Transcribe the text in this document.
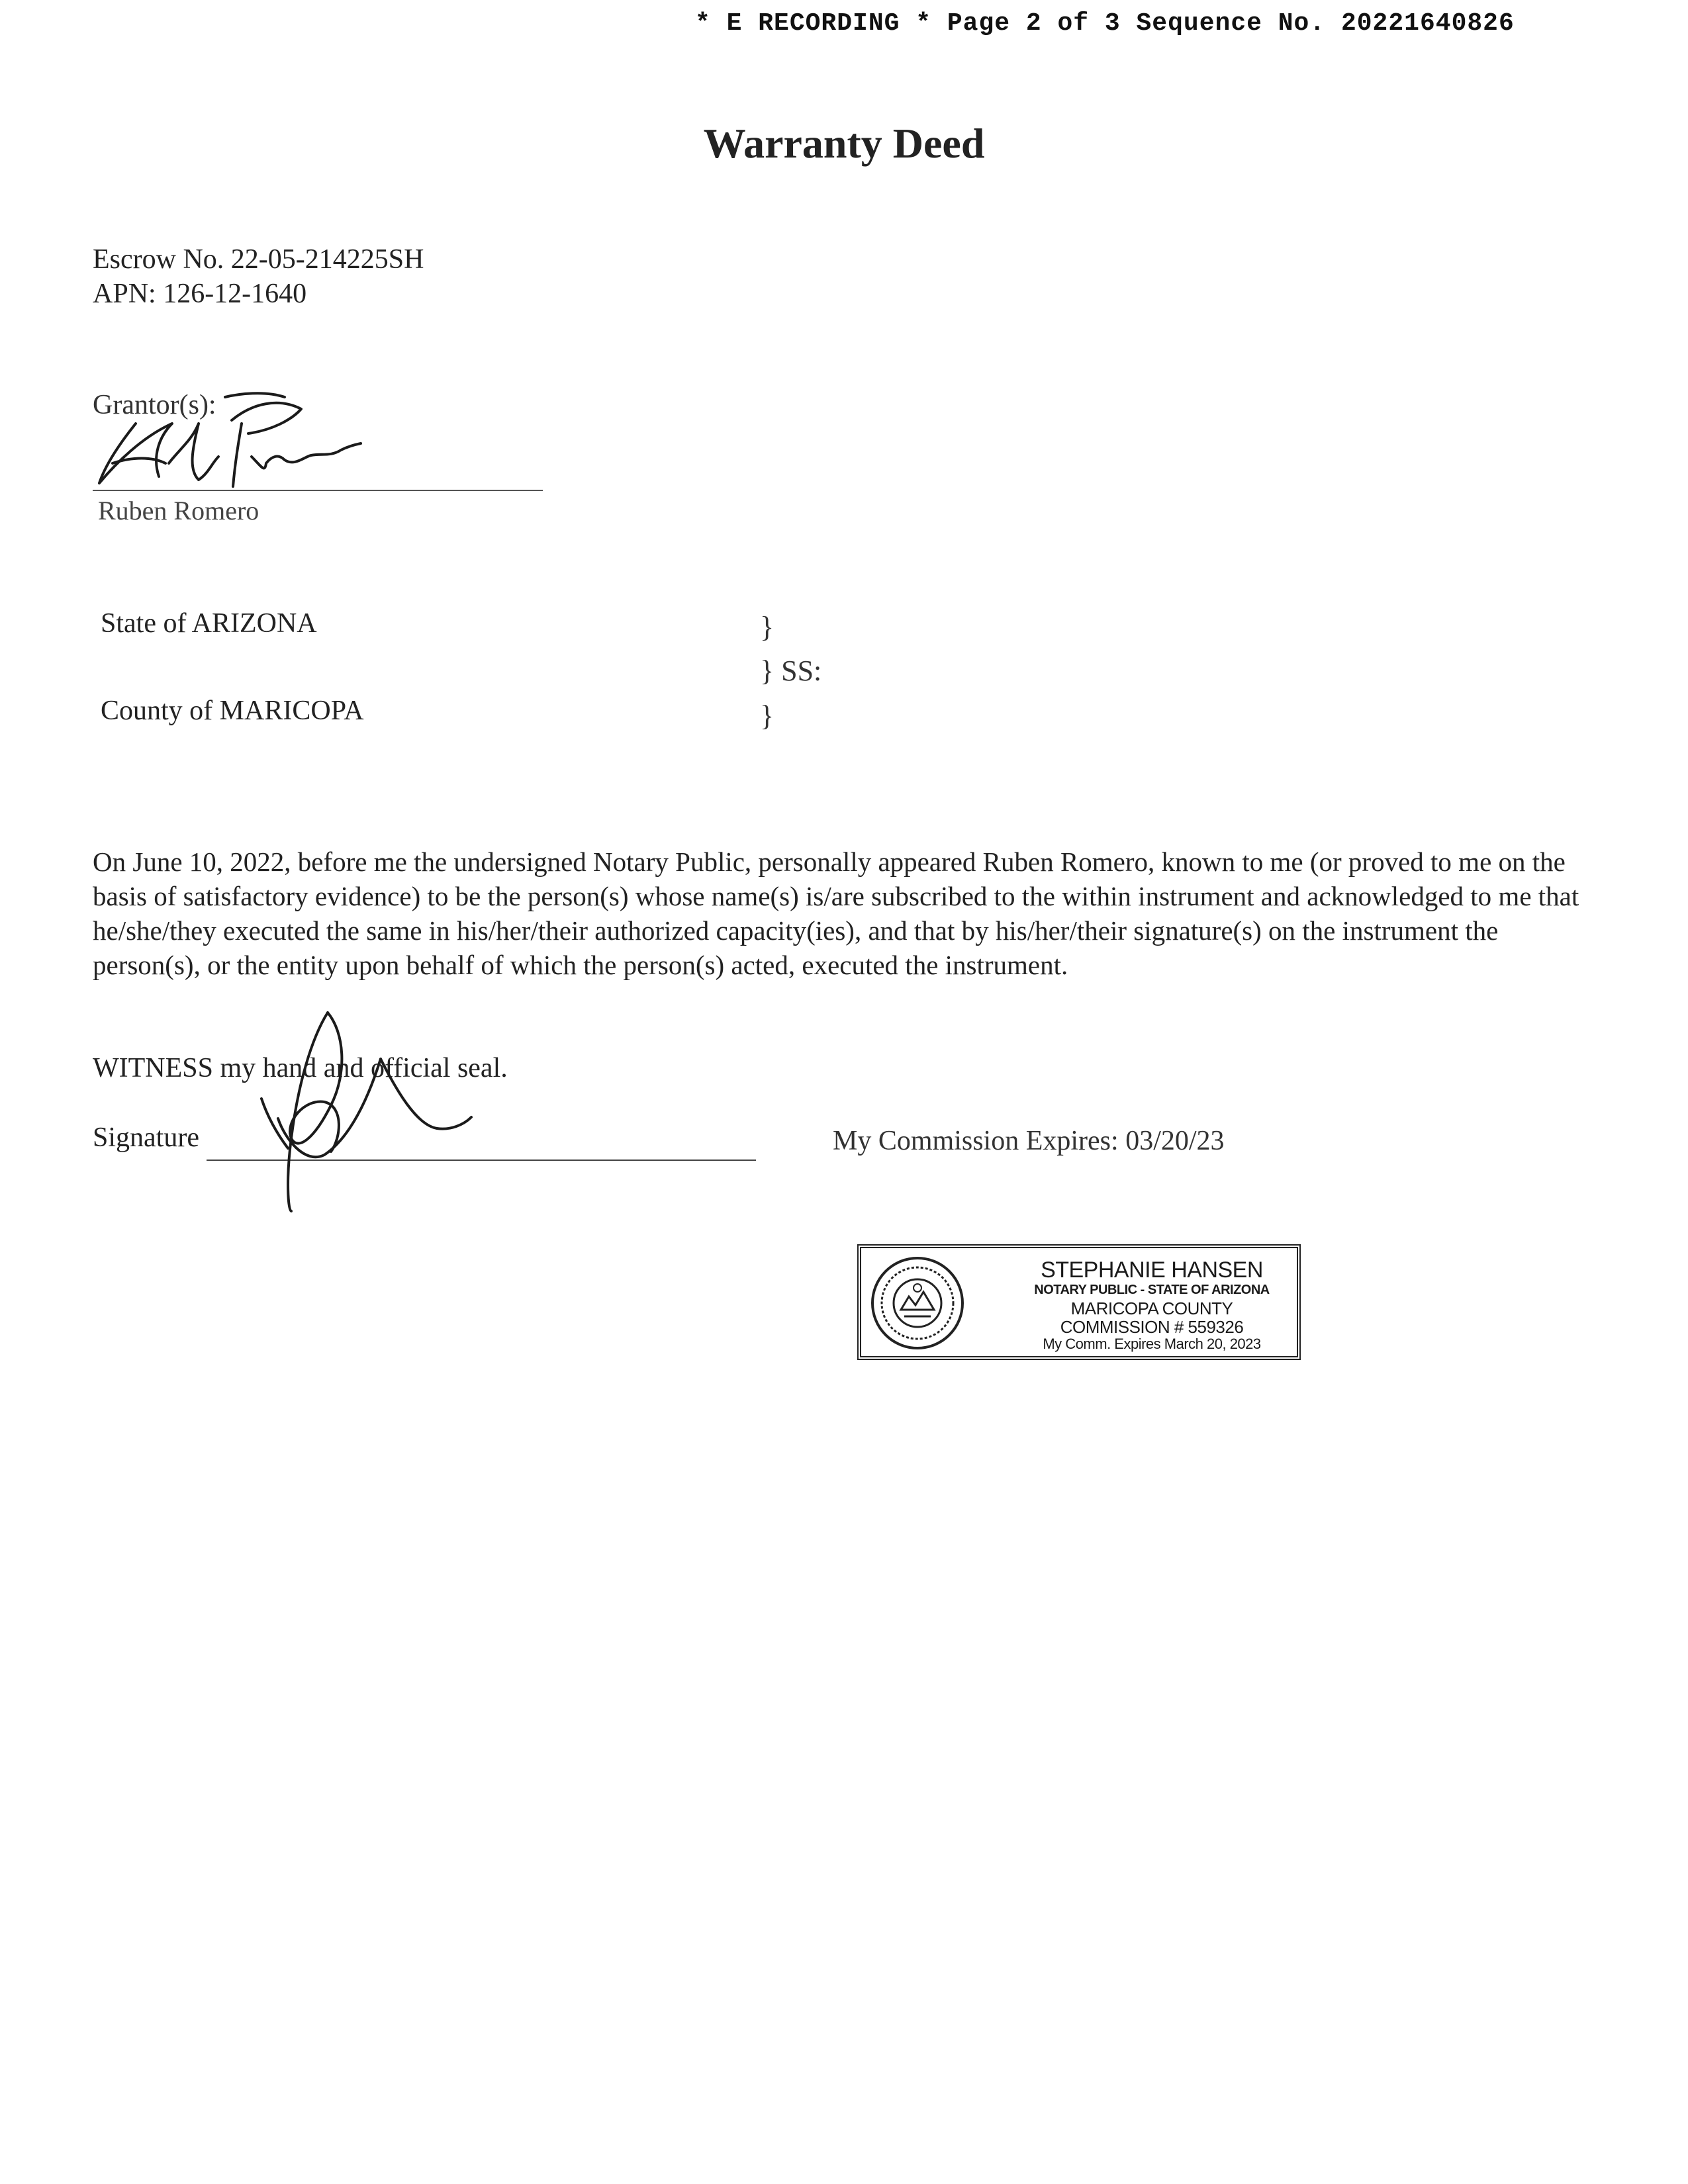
* E RECORDING * Page 2 of 3 Sequence No. 20221640826
Warranty Deed
Escrow No. 22-05-214225SH
APN: 126-12-1640
Grantor(s):
Ruben Romero
State of ARIZONA
County of MARICOPA
}
} SS:
}
On June 10, 2022, before me the undersigned Notary Public, personally appeared Ruben Romero, known to me (or proved to me on the basis of satisfactory evidence) to be the person(s) whose name(s) is/are subscribed to the within instrument and acknowledged to me that he/she/they executed the same in his/her/their authorized capacity(ies), and that by his/her/their signature(s) on the instrument the person(s), or the entity upon behalf of which the person(s) acted, executed the instrument.
WITNESS my hand and official seal.
Signature	My Commission Expires: 03/20/23
STEPHANIE HANSEN
NOTARY PUBLIC - STATE OF ARIZONA
MARICOPA COUNTY
COMMISSION # 559326
My Comm. Expires March 20, 2023
